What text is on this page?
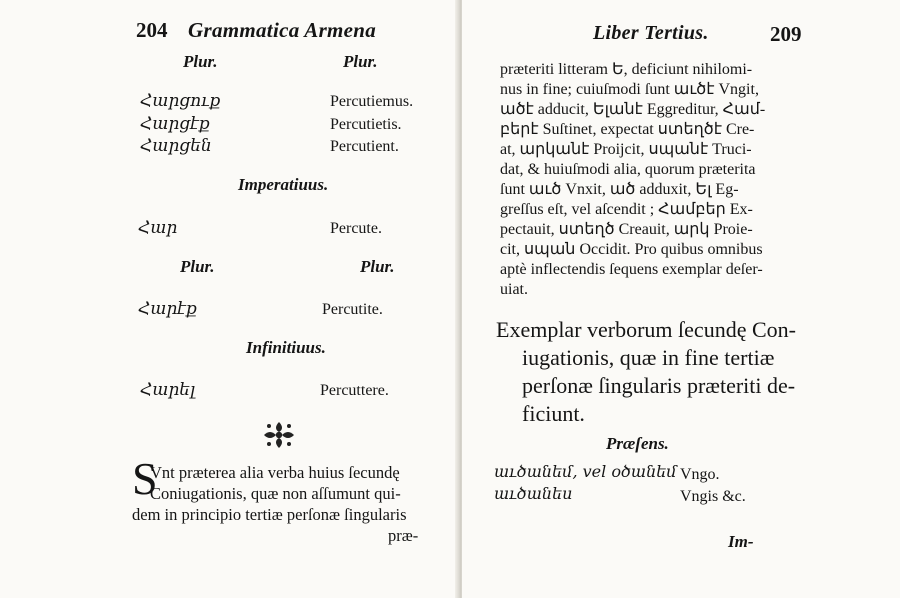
204 Grammatica Armena
Plur.	Plur.
Հարցուք	Percutiemus.
Հարցէք	Percutietis.
Հարցեն	Percutient.
Imperatiuus.
Հար	Percute.
Plur.	Plur.
Հարէք	Percutite.
Infinitiuus.
Հարել	Percuttere.
S
Vnt præterea alia verba huius ſecundę
Coniugationis, quæ non aſſumunt qui-
dem in principio tertiæ perſonæ ſingularis
præ-
Liber Tertius.	209
præteriti litteram Ե, deficiunt nihilomi-
nus in fine; cuiuſmodi ſunt աւծէ Vngit,
ածէ adducit, Ելանէ Eggreditur, Համ-
բերէ Suſtinet, expectat ստեղծէ Cre-
at, արկանէ Proijcit, սպանէ Truci-
dat, & huiuſmodi alia, quorum præterita
ſunt աւծ Vnxit, ած adduxit, Ել Eg-
greſſus eſt, vel aſcendit ; Համբեր Ex-
pectauit, ստեղծ Creauit, արկ Proie-
cit, սպան Occidit. Pro quibus omnibus
aptè inflectendis ſequens exemplar deſer-
uiat.
Exemplar verborum ſecundę Con-
iugationis, quæ in fine tertiæ
perſonæ ſingularis præteriti de-
ficiunt.
Præſens.
աւծանեմ, vel օծանեմ Vngo.
աւծանես	Vngis &c.
Im-
